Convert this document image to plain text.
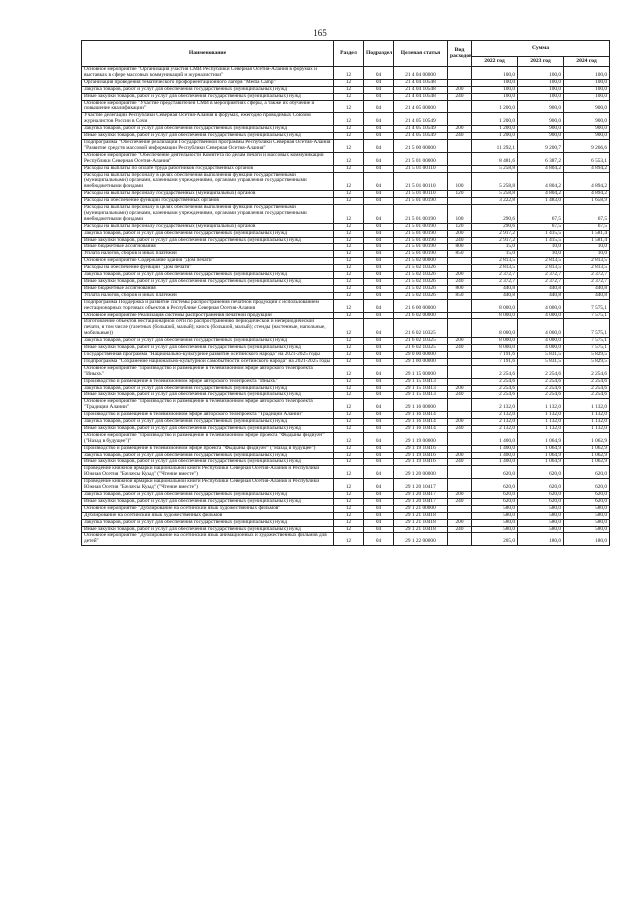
165
Наименование	Раздел	Подраздел	Целевая статья	Вид расходов	Сумма		
					2022 год	2023 год	2024 год
Основное мероприятие "Организация участия СМИ Республики Северная Осетия-Алания в форумах и выставках в сфере массовых коммуникаций и журналистики"	12	04	21 4 04 00000		100,0	100,0	100,0
Организация проведения тематического профориентационного лагеря "Media Camp"	12	04	21 4 04 10548		100,0	100,0	100,0
Закупка товаров, работ и услуг для обеспечения государственных (муниципальных) нужд	12	04	21 4 04 10548	200	100,0	100,0	100,0
Иные закупки товаров, работ и услуг для обеспечения государственных (муниципальных) нужд	12	04	21 4 04 10548	240	100,0	100,0	100,0
Основное мероприятие "Участие представителей СМИ в мероприятиях сферы, а также их обучение и повышение квалификации"	12	04	21 4 05 00000		1 200,0	900,0	900,0
Участие делегации Республики Северная Осетия-Алания в форумах, ежегодно проводимых Союзом журналистов России в Сочи	12	04	21 4 05 10549		1 200,0	900,0	900,0
Закупка товаров, работ и услуг для обеспечения государственных (муниципальных) нужд	12	04	21 4 05 10549	200	1 200,0	900,0	900,0
Иные закупки товаров, работ и услуг для обеспечения государственных (муниципальных) нужд	12	04	21 4 05 10549	240	1 200,0	900,0	900,0
Подпрограмма "Обеспечение реализации Государственной программы Республики Северная Осетия-Алания "Развитие средств массовой информации Республики Северная Осетия-Алания"	12	04	21 5 00 00000		11 292,1	9 200,7	9 266,6
Основное мероприятие "Обеспечение деятельности Комитета по делам печати и массовых коммуникаций Республики Северная Осетия-Алания"	12	04	21 5 01 00000		8 481,6	6 387,2	6 553,1
Расходы на выплаты по оплате труда работников государственных органов	12	04	21 5 01 00110		5 258,8	4 804,2	4 894,2
Расходы на выплаты персоналу в целях обеспечения выполнения функций государственными (муниципальными) органами, казенными учреждениями, органами управления государственными внебюджетными фондами	12	04	21 5 01 00110	100	5 258,8	4 804,2	4 894,2
Расходы на выплаты персоналу государственных (муниципальных) органов	12	04	21 5 01 00110	120	5 258,8	4 804,2	4 894,2
Расходы на обеспечение функций государственных органов	12	04	21 5 01 00190		3 222,8	1 483,0	1 658,9
Расходы на выплаты персоналу в целях обеспечения выполнения функций государственными (муниципальными) органами, казенными учреждениями, органами управления государственными внебюджетными фондами	12	04	21 5 01 00190	100	290,6	67,5	67,5
Расходы на выплаты персоналу государственных (муниципальных) органов	12	04	21 5 01 00190	120	290,6	67,5	67,5
Закупка товаров, работ и услуг для обеспечения государственных (муниципальных) нужд	12	04	21 5 01 00190	200	2 917,2	1 415,5	1 581,4
Иные закупки товаров, работ и услуг для обеспечения государственных (муниципальных) нужд	12	04	21 5 01 00190	240	2 917,2	1 415,5	1 581,4
Иные бюджетные ассигнования	12	04	21 5 01 00190	800	15,0	10,0	10,0
Уплата налогов, сборов и иных платежей	12	04	21 5 01 00190	850	15,0	10,0	10,0
Основное мероприятие Содержание здания "Дом печати"	12	04	21 5 02 00000		2 813,5	2 813,5	2 813,5
Расходы на обеспечение функций "Дом печати"	12	04	21 5 02 10326		2 813,5	2 813,5	2 813,5
Закупка товаров, работ и услуг для обеспечения государственных (муниципальных) нужд	12	04	21 5 02 10326	200	2 372,7	2 372,7	2 372,7
Иные закупки товаров, работ и услуг для обеспечения государственных (муниципальных) нужд	12	04	21 5 02 10326	240	2 372,7	2 372,7	2 372,7
Иные бюджетные ассигнования	12	04	21 5 02 10326	800	440,8	440,8	440,8
Уплата налогов, сборов и иных платежей	12	04	21 5 02 10326	850	440,8	440,8	440,8
Подпрограмма Поддержка и развитие системы распространения печатной продукции с использованием нестационарных торговых объектов в Республике Северная Осетия-Алания	12	04	21 6 00 00000		8 000,0	4 000,0	7 575,1
Основное мероприятие Реализация системы распространения печатной продукции	12	04	21 6 02 00000		8 000,0	4 000,0	7 575,1
Изготовление объектов нестационарной сети по распространению периодической и непериодической печати, в том числе (газетных (большой, малый); киоск (большой, малый); стенды (настенные, напольные, мобильные))	12	04	21 6 02 10325		8 000,0	4 000,0	7 575,1
Закупка товаров, работ и услуг для обеспечения государственных (муниципальных) нужд	12	04	21 6 02 10325	200	8 000,0	4 000,0	7 575,1
Иные закупки товаров, работ и услуг для обеспечения государственных (муниципальных) нужд	12	04	21 6 02 10325	240	8 000,0	4 000,0	7 575,1
Государственная программа "Национально-культурное развитие осетинского народа" на 2021-2025 годы	12	04	29 0 00 00000		7 191,6	5 831,5	5 829,5
Подпрограмма "Сохранение национально-культурной самобытности осетинского народа" на 2021-2025 годы	12	04	29 1 00 00000		7 191,6	5 831,5	5 829,5
Основное мероприятие "Производство и размещение в телевизионном эфире авторского телепроекта "Иныхъ"	12	04	29 1 15 00000		2 254,6	2 254,6	2 254,6
Производство и размещение в телевизионном эфире авторского телепроекта "Иныхъ"	12	04	29 1 15 10413		2 254,6	2 254,6	2 254,6
Закупка товаров, работ и услуг для обеспечения государственных (муниципальных) нужд	12	04	29 1 15 10413	200	2 254,6	2 254,6	2 254,6
Иные закупки товаров, работ и услуг для обеспечения государственных (муниципальных) нужд	12	04	29 1 15 10413	240	2 254,6	2 254,6	2 254,6
Основное мероприятие "Производство и размещение в телевизионном эфире авторского телепроекта "Традиции Алании"	12	04	29 1 16 00000		2 132,0	1 132,0	1 132,0
Производство и размещение в телевизионном эфире авторского телепроекта "Традиции Алании"	12	04	29 1 16 10414		2 132,0	1 132,0	1 132,0
Закупка товаров, работ и услуг для обеспечения государственных (муниципальных) нужд	12	04	29 1 16 10414	200	2 132,0	1 132,0	1 132,0
Иные закупки товаров, работ и услуг для обеспечения государственных (муниципальных) нужд	12	04	29 1 16 10414	240	2 132,0	1 132,0	1 132,0
Основное мероприятие "Производство и размещение в телевизионном эфире проекта "Фыдыны фидиуæг" ("Назад в будущее")"	12	04	29 1 19 00000		1 400,0	1 064,9	1 062,9
Производство и размещение в телевизионном эфире проекта "Фыдыны фидиуæг" ("Назад в будущее")	12	04	29 1 19 10416		1 400,0	1 064,9	1 062,9
Закупка товаров, работ и услуг для обеспечения государственных (муниципальных) нужд	12	04	29 1 19 10416	200	1 400,0	1 064,9	1 062,9
Иные закупки товаров, работ и услуг для обеспечения государственных (муниципальных) нужд	12	04	29 1 19 10416	240	1 400,0	1 064,9	1 062,9
Проведение книжной ярмарки национальной книги Республики Северная Осетия-Алания и Республики Южная Осетия "Бæлæсы Куыд" ("Чтение вместе")	12	04	29 1 20 00000		620,0	620,0	620,0
Проведение книжной ярмарки национальной книги Республики Северная Осетия-Алания и Республики Южная Осетия "Бæлæсы Куыд" ("Чтение вместе")	12	04	29 1 20 10417		620,0	620,0	620,0
Закупка товаров, работ и услуг для обеспечения государственных (муниципальных) нужд	12	04	29 1 20 10417	200	620,0	620,0	620,0
Иные закупки товаров, работ и услуг для обеспечения государственных (муниципальных) нужд	12	04	29 1 20 10417	240	620,0	620,0	620,0
Основное мероприятие "Дублирование на осетинский язык художественных фильмов"	12	04	29 1 21 00000		580,0	580,0	580,0
Дублирование на осетинский язык художественных фильмов	12	04	29 1 21 10418		580,0	580,0	580,0
Закупка товаров, работ и услуг для обеспечения государственных (муниципальных) нужд	12	04	29 1 21 10418	200	580,0	580,0	580,0
Иные закупки товаров, работ и услуг для обеспечения государственных (муниципальных) нужд	12	04	29 1 21 10418	240	580,0	580,0	580,0
Основное мероприятие "Дублирование на осетинский язык анимационных и художественных фильмов для детей"	12	04	29 1 22 00000		205,0	180,0	180,0
